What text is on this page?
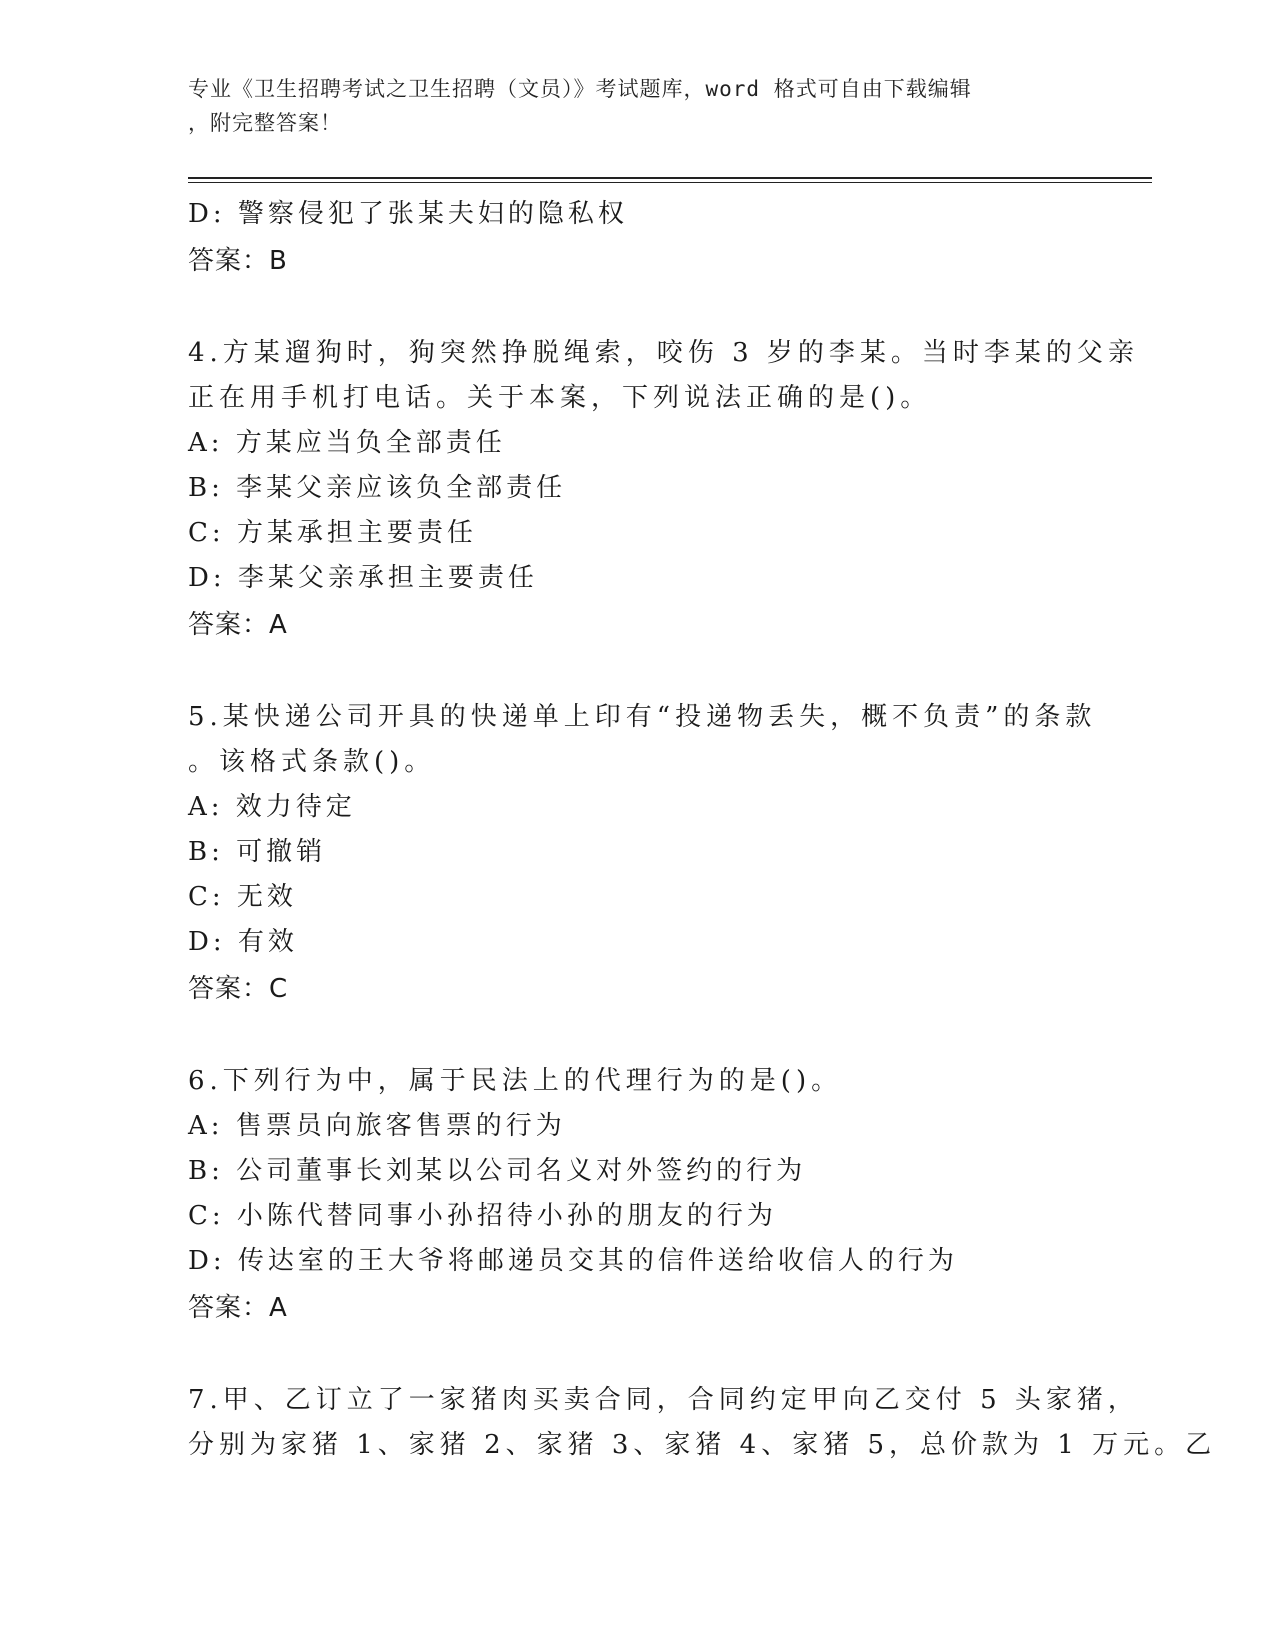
专业《卫生招聘考试之卫生招聘（文员）》考试题库，word 格式可自由下载编辑
，附完整答案！
D: 警察侵犯了张某夫妇的隐私权
答案：B
4.方某遛狗时，狗突然挣脱绳索，咬伤 3 岁的李某。当时李某的父亲
正在用手机打电话。关于本案，下列说法正确的是()。
A: 方某应当负全部责任
B: 李某父亲应该负全部责任
C: 方某承担主要责任
D: 李某父亲承担主要责任
答案：A
5.某快递公司开具的快递单上印有“投递物丢失，概不负责”的条款
。该格式条款()。
A: 效力待定
B: 可撤销
C: 无效
D: 有效
答案：C
6.下列行为中，属于民法上的代理行为的是()。
A: 售票员向旅客售票的行为
B: 公司董事长刘某以公司名义对外签约的行为
C: 小陈代替同事小孙招待小孙的朋友的行为
D: 传达室的王大爷将邮递员交其的信件送给收信人的行为
答案：A
7.甲、乙订立了一家猪肉买卖合同，合同约定甲向乙交付 5 头家猪，
分别为家猪 1、家猪 2、家猪 3、家猪 4、家猪 5，总价款为 1 万元。乙
